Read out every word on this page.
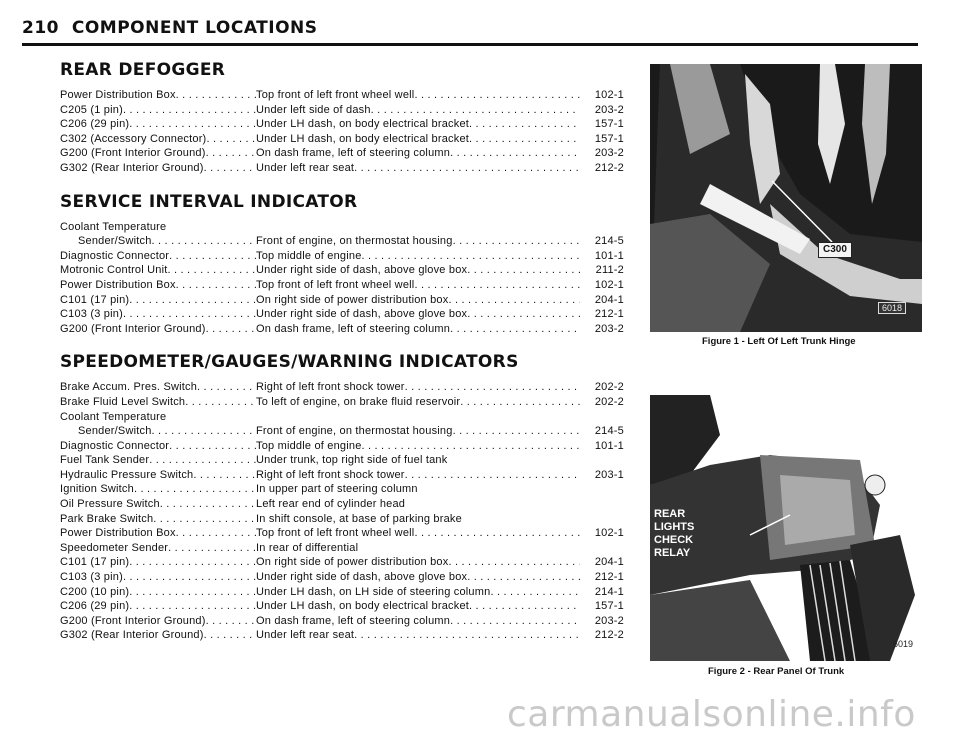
210 COMPONENT LOCATIONS
REAR DEFOGGER
Power Distribution Box . . .	Top front of left front wheel well . . .	102-1
C205 (1 pin) . . .	Under left side of dash . . .	203-2
C206 (29 pin) . . .	Under LH dash, on body electrical bracket . . .	157-1
C302 (Accessory Connector) . . .	Under LH dash, on body electrical bracket . . .	157-1
G200 (Front Interior Ground) . . .	On dash frame, left of steering column . . .	203-2
G302 (Rear Interior Ground) . . .	Under left rear seat . . .	212-2
SERVICE INTERVAL INDICATOR
Coolant Temperature
Sender/Switch . . .	Front of engine, on thermostat housing . . .	214-5
Diagnostic Connector . . .	Top middle of engine . . .	101-1
Motronic Control Unit . . .	Under right side of dash, above glove box . . .	211-2
Power Distribution Box . . .	Top front of left front wheel well . . .	102-1
C101 (17 pin) . . .	On right side of power distribution box . . .	204-1
C103 (3 pin) . . .	Under right side of dash, above glove box . . .	212-1
G200 (Front Interior Ground) . . .	On dash frame, left of steering column . . .	203-2
SPEEDOMETER/GAUGES/WARNING INDICATORS
Brake Accum. Pres. Switch . . .	Right of left front shock tower . . .	202-2
Brake Fluid Level Switch . . .	To left of engine, on brake fluid reservoir . . .	202-2
Coolant Temperature
Sender/Switch . . .	Front of engine, on thermostat housing . . .	214-5
Diagnostic Connector . . .	Top middle of engine . . .	101-1
Fuel Tank Sender . . .	Under trunk, top right side of fuel tank
Hydraulic Pressure Switch . . .	Right of left front shock tower . . .	203-1
Ignition Switch . . .	In upper part of steering column
Oil Pressure Switch . . .	Left rear end of cylinder head
Park Brake Switch . . .	In shift console, at base of parking brake
Power Distribution Box . . .	Top front of left front wheel well . . .	102-1
Speedometer Sender . . .	In rear of differential
C101 (17 pin) . . .	On right side of power distribution box . . .	204-1
C103 (3 pin) . . .	Under right side of dash, above glove box . . .	212-1
C200 (10 pin) . . .	Under LH dash, on LH side of steering column . . .	214-1
C206 (29 pin) . . .	Under LH dash, on body electrical bracket . . .	157-1
G200 (Front Interior Ground) . . .	On dash frame, left of steering column . . .	203-2
G302 (Rear Interior Ground) . . .	Under left rear seat . . .	212-2
C300
6018
Figure 1 - Left Of Left Trunk Hinge
REAR
LIGHTS
CHECK
RELAY
6019
Figure 2 - Rear Panel Of Trunk
carmanualsonline.info
